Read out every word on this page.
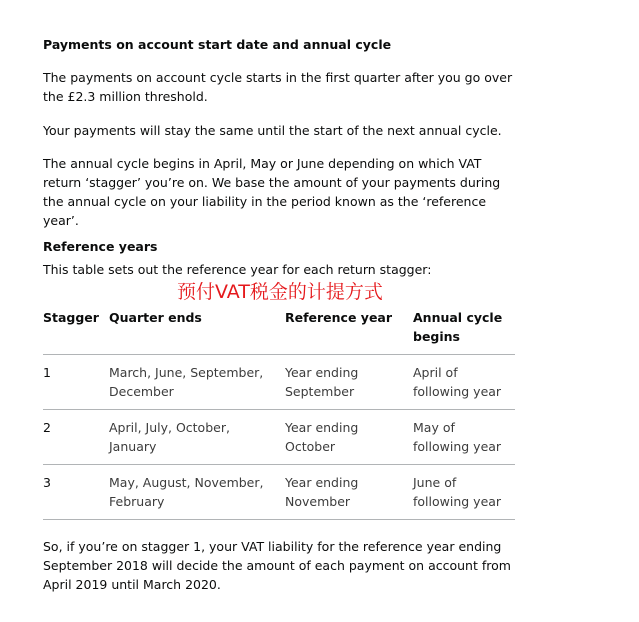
Payments on account start date and annual cycle

The payments on account cycle starts in the first quarter after you go over the £2.3 million threshold.

Your payments will stay the same until the start of the next annual cycle.

The annual cycle begins in April, May or June depending on which VAT return ‘stagger’ you’re on. We base the amount of your payments during the annual cycle on your liability in the period known as the ‘reference year’.

Reference years

This table sets out the reference year for each return stagger:

So, if you’re on stagger 1, your VAT liability for the reference year ending September 2018 will decide the amount of each payment on account from April 2019 until March 2020.

预付VAT税金的计提方式
Stagger	Quarter ends	Reference year	Annual cycle begins
1	March, June, September, December	Year ending September	April of following year
2	April, July, October, January	Year ending October	May of following year
3	May, August, November, February	Year ending November	June of following year
